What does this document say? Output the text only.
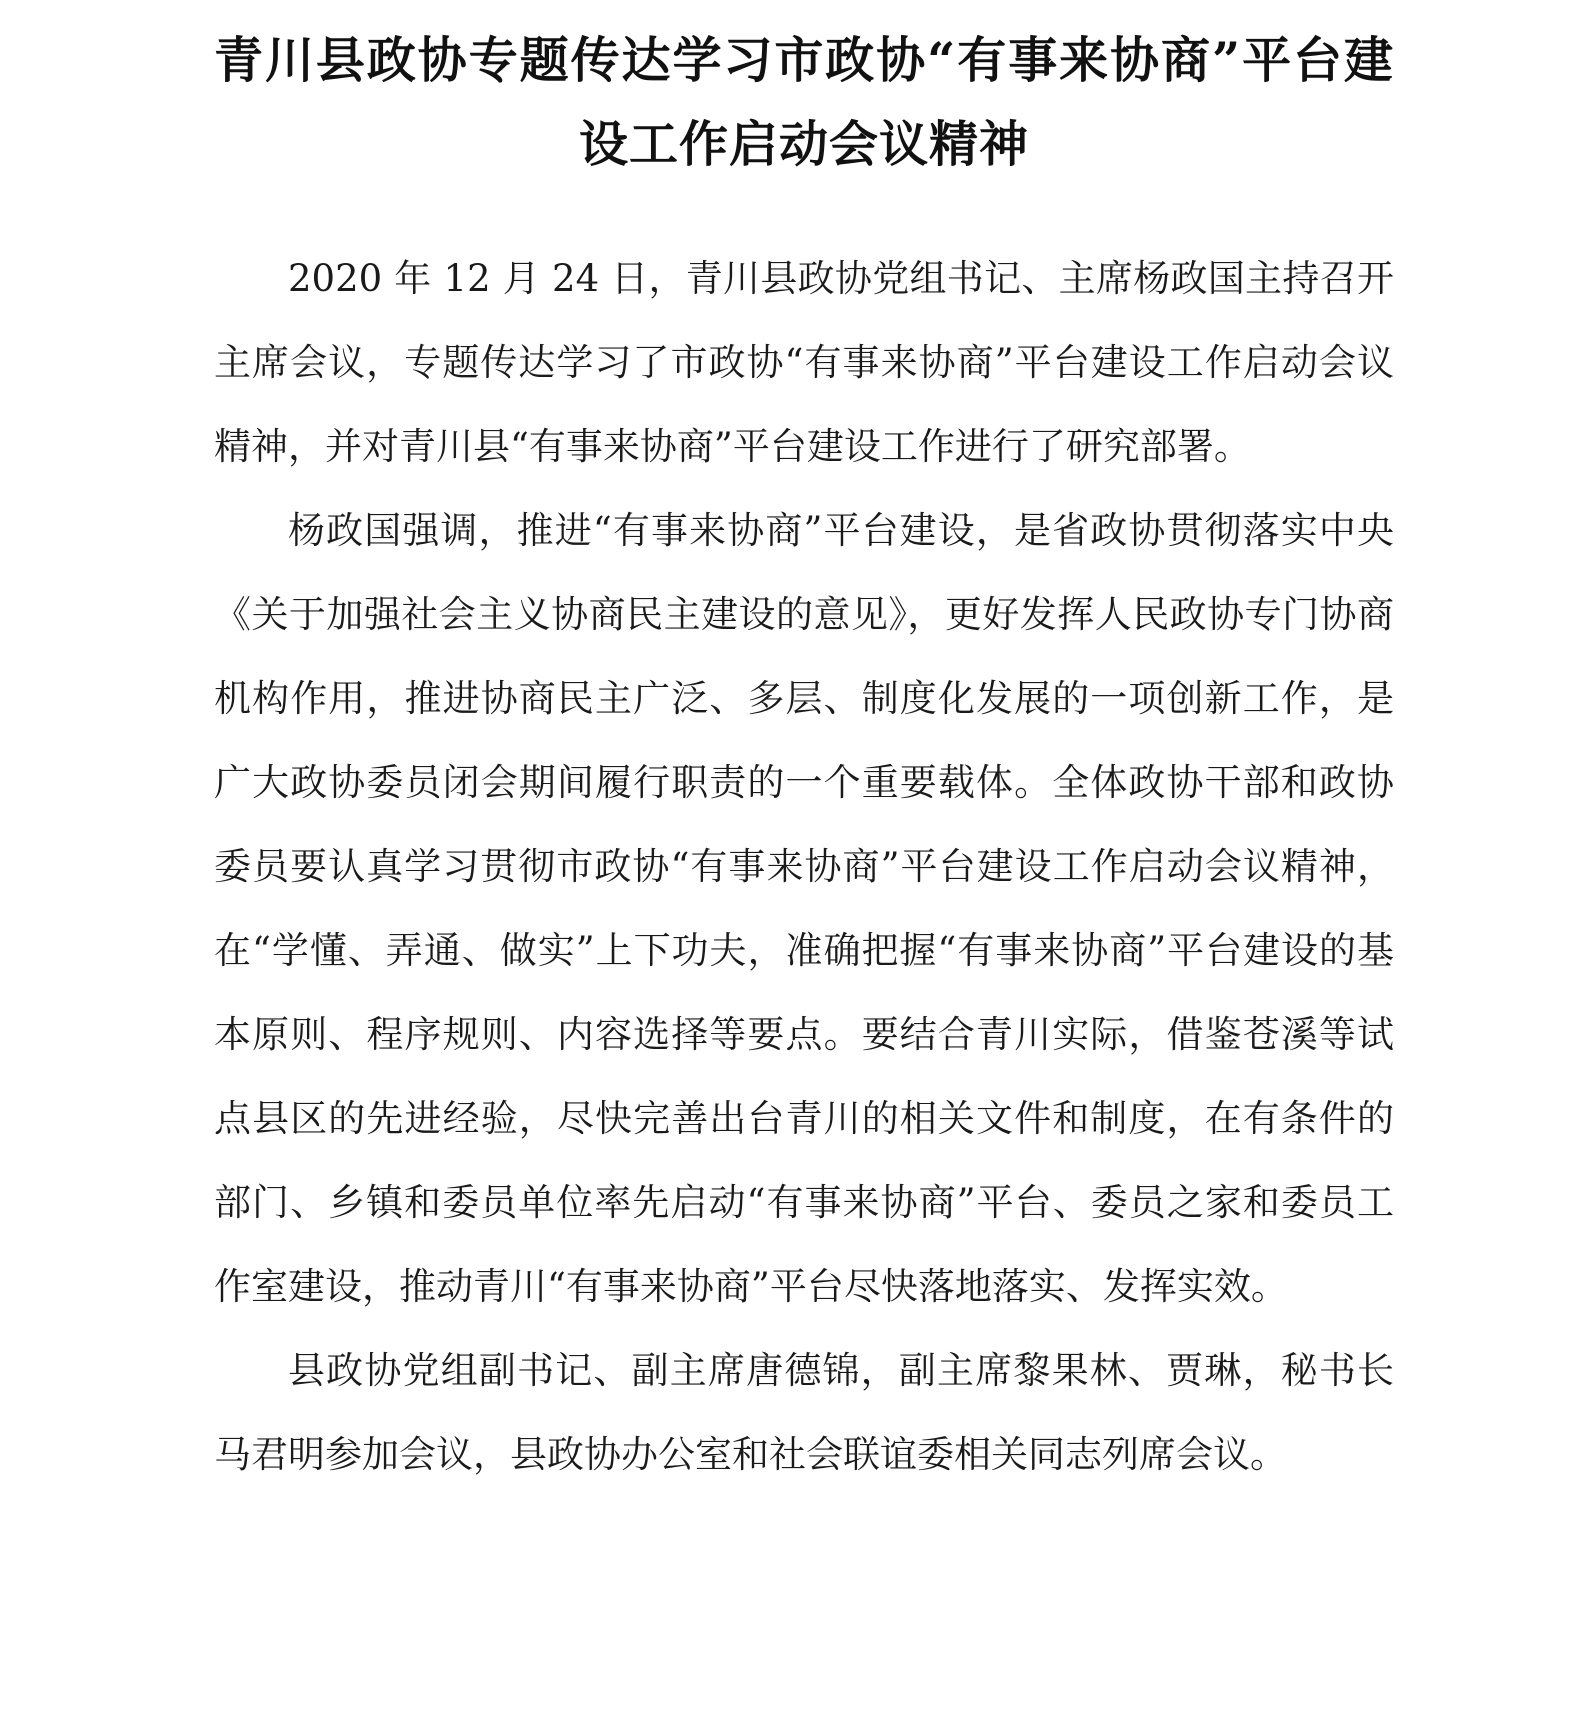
青川县政协专题传达学习市政协“有事来协商”平台建设工作启动会议精神

2020 年 12 月 24 日，青川县政协党组书记、主席杨政国主持召开主席会议，专题传达学习了市政协“有事来协商”平台建设工作启动会议精神，并对青川县“有事来协商”平台建设工作进行了研究部署。

杨政国强调，推进“有事来协商”平台建设，是省政协贯彻落实中央《关于加强社会主义协商民主建设的意见》，更好发挥人民政协专门协商机构作用，推进协商民主广泛、多层、制度化发展的一项创新工作，是广大政协委员闭会期间履行职责的一个重要载体。全体政协干部和政协委员要认真学习贯彻市政协“有事来协商”平台建设工作启动会议精神，在“学懂、弄通、做实”上下功夫，准确把握“有事来协商”平台建设的基本原则、程序规则、内容选择等要点。要结合青川实际，借鉴苍溪等试点县区的先进经验，尽快完善出台青川的相关文件和制度，在有条件的部门、乡镇和委员单位率先启动“有事来协商”平台、委员之家和委员工作室建设，推动青川“有事来协商”平台尽快落地落实、发挥实效。

县政协党组副书记、副主席唐德锦，副主席黎果林、贾琳，秘书长马君明参加会议，县政协办公室和社会联谊委相关同志列席会议。
